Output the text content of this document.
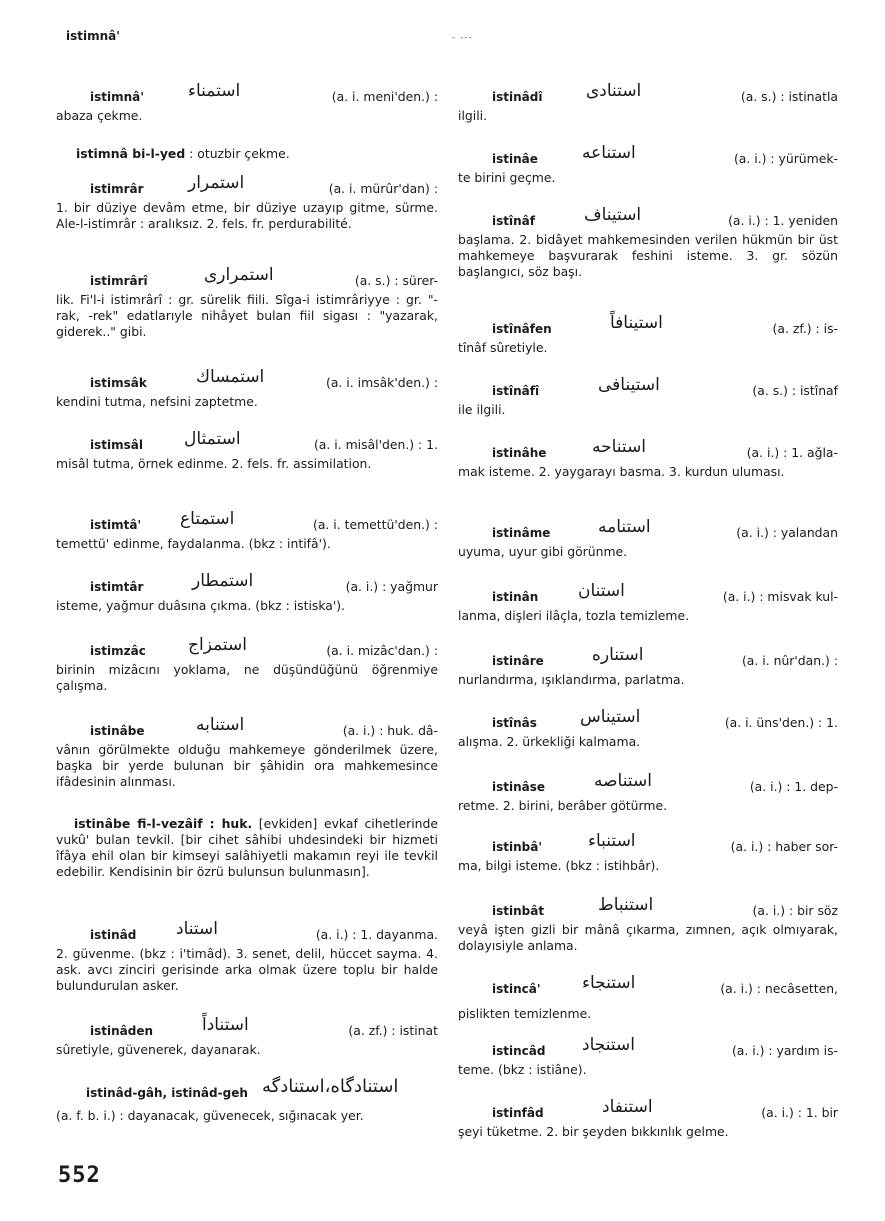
istimnâ'	- ---
istimnâ'	استمناء	(a. i. meni'den.) :
abaza çekme.
istimnâ bi-l-yed : otuzbir çekme.
istimrâr	استمرار	(a. i. mürûr'dan) :
1. bir düziye devâm etme, bir düziye uzayıp gitme, sürme. Ale-l-istimrâr : aralıksız. 2. fels. fr. perdurabilité.
istimrârî	استمراری	(a. s.) : sürer-
lik. Fi'l-i istimrârî : gr. sürelik fiili. Sîga-i istimrâriyye : gr. "-rak, -rek" edatlarıyle nihâyet bulan fiil sigası : "yazarak, giderek.." gibi.
istimsâk	استمساك	(a. i. imsâk'den.) :
kendini tutma, nefsini zaptetme.
istimsâl استمثال	(a. i. misâl'den.) : 1.
misâl tutma, örnek edinme. 2. fels. fr. assimilation.
istimtâ' استمتاع	(a. i. temettü'den.) :
temettü' edinme, faydalanma. (bkz : intifâ').
istimtâr	استمطار	(a. i.) : yağmur
isteme, yağmur duâsına çıkma. (bkz : istiska').
istimzâc استمزاج	(a. i. mizâc'dan.) :
birinin mizâcını yoklama, ne düşündüğünü öğrenmiye çalışma.
istinâbe	استنابه	(a. i.) : huk. dâ-
vânın görülmekte olduğu mahkemeye gönderilmek üzere, başka bir yerde bulunan bir şâhidin ora mahkemesince ifâdesinin alınması.
istinâbe fi-l-vezâif : huk. [evkiden] evkaf cihetlerinde vukû' bulan tevkil. [bir cihet sâhibi uhdesindeki bir hizmeti îfâya ehil olan bir kimseyi salâhiyetli makamın reyi ile tevkil edebilir. Kendisinin bir özrü bulunsun bulunmasın].
istinâd استناد	(a. i.) : 1. dayanma.
2. güvenme. (bkz : i'timâd). 3. senet, delil, hüccet sayma. 4. ask. avcı zinciri gerisinde arka olmak üzere toplu bir halde bulundurulan asker.
istinâden	استناداً	(a. zf.) : istinat
sûretiyle, güvenerek, dayanarak.
istinâd-gâh, istinâd-geh استنادگاه،استنادگه
(a. f. b. i.) : dayanacak, güvenecek, sığınacak yer.
istinâdî	استنادی	(a. s.) : istinatla
ilgili.
istinâe	استناعه	(a. i.) : yürümek-
te birini geçme.
istînâf	استيناف	(a. i.) : 1. yeniden
başlama. 2. bidâyet mahkemesinden verilen hükmün bir üst mahkemeye başvurarak feshini isteme. 3. gr. sözün başlangıcı, söz başı.
istînâfen	استينافاً	(a. zf.) : is-
tînâf sûretiyle.
istînâfî	استينافى	(a. s.) : istînaf
ile ilgili.
istinâhe	استناحه	(a. i.) : 1. ağla-
mak isteme. 2. yaygarayı basma. 3. kurdun uluması.
istinâme	استنامه	(a. i.) : yalandan
uyuma, uyur gibi görünme.
istinân استنان	(a. i.) : misvak kul-
lanma, dişleri ilâçla, tozla temizleme.
istinâre	استناره	(a. i. nûr'dan.) :
nurlandırma, ışıklandırma, parlatma.
istînâs	استيناس	(a. i. üns'den.) : 1.
alışma. 2. ürkekliği kalmama.
istinâse	استناصه	(a. i.) : 1. dep-
retme. 2. birini, berâber götürme.
istinbâ'	استنباء	(a. i.) : haber sor-
ma, bilgi isteme. (bkz : istihbâr).
istinbât	استنباط	(a. i.) : bir söz
veyâ işten gizli bir mânâ çıkarma, zımnen, açık olmıyarak, dolayısiyle anlama.
istincâ' استنجاء	(a. i.) : necâsetten,
pislikten temizlenme.
istincâd استنجاد	(a. i.) : yardım is-
teme. (bkz : istiâne).
istinfâd	استنفاد	(a. i.) : 1. bir
şeyi tüketme. 2. bir şeyden bıkkınlık gelme.
552
